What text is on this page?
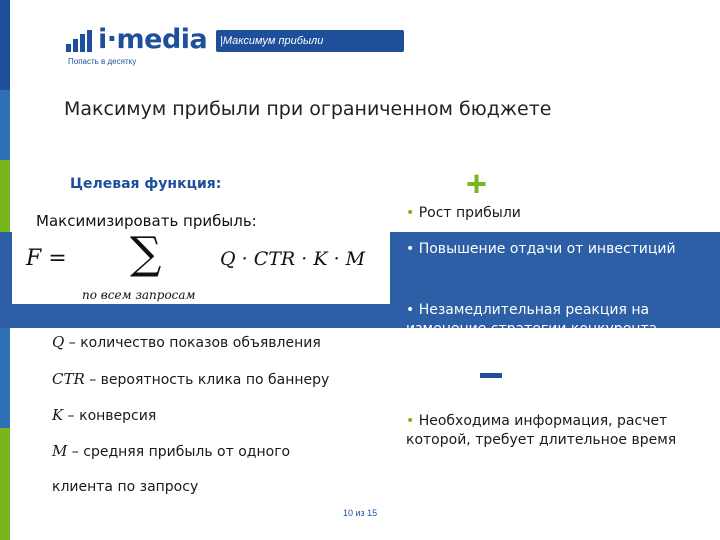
i·media
Попасть в десятку
|Максимум прибыли
Максимум прибыли при ограниченном бюджете
Целевая функция:
Максимизировать прибыль:
F = ∑
по всем запросам
Q · CTR · K · M
Q – количество показов объявления
CTR – вероятность клика по баннеру
K – конверсия
M – средняя прибыль от одного
клиента по запросу
+
• Рост прибыли
• Повышение отдачи от инвестиций
• Незамедлительная реакция на изменение стратегии конкурента
• Необходима информация, расчет которой, требует длительное время
10 из 15
